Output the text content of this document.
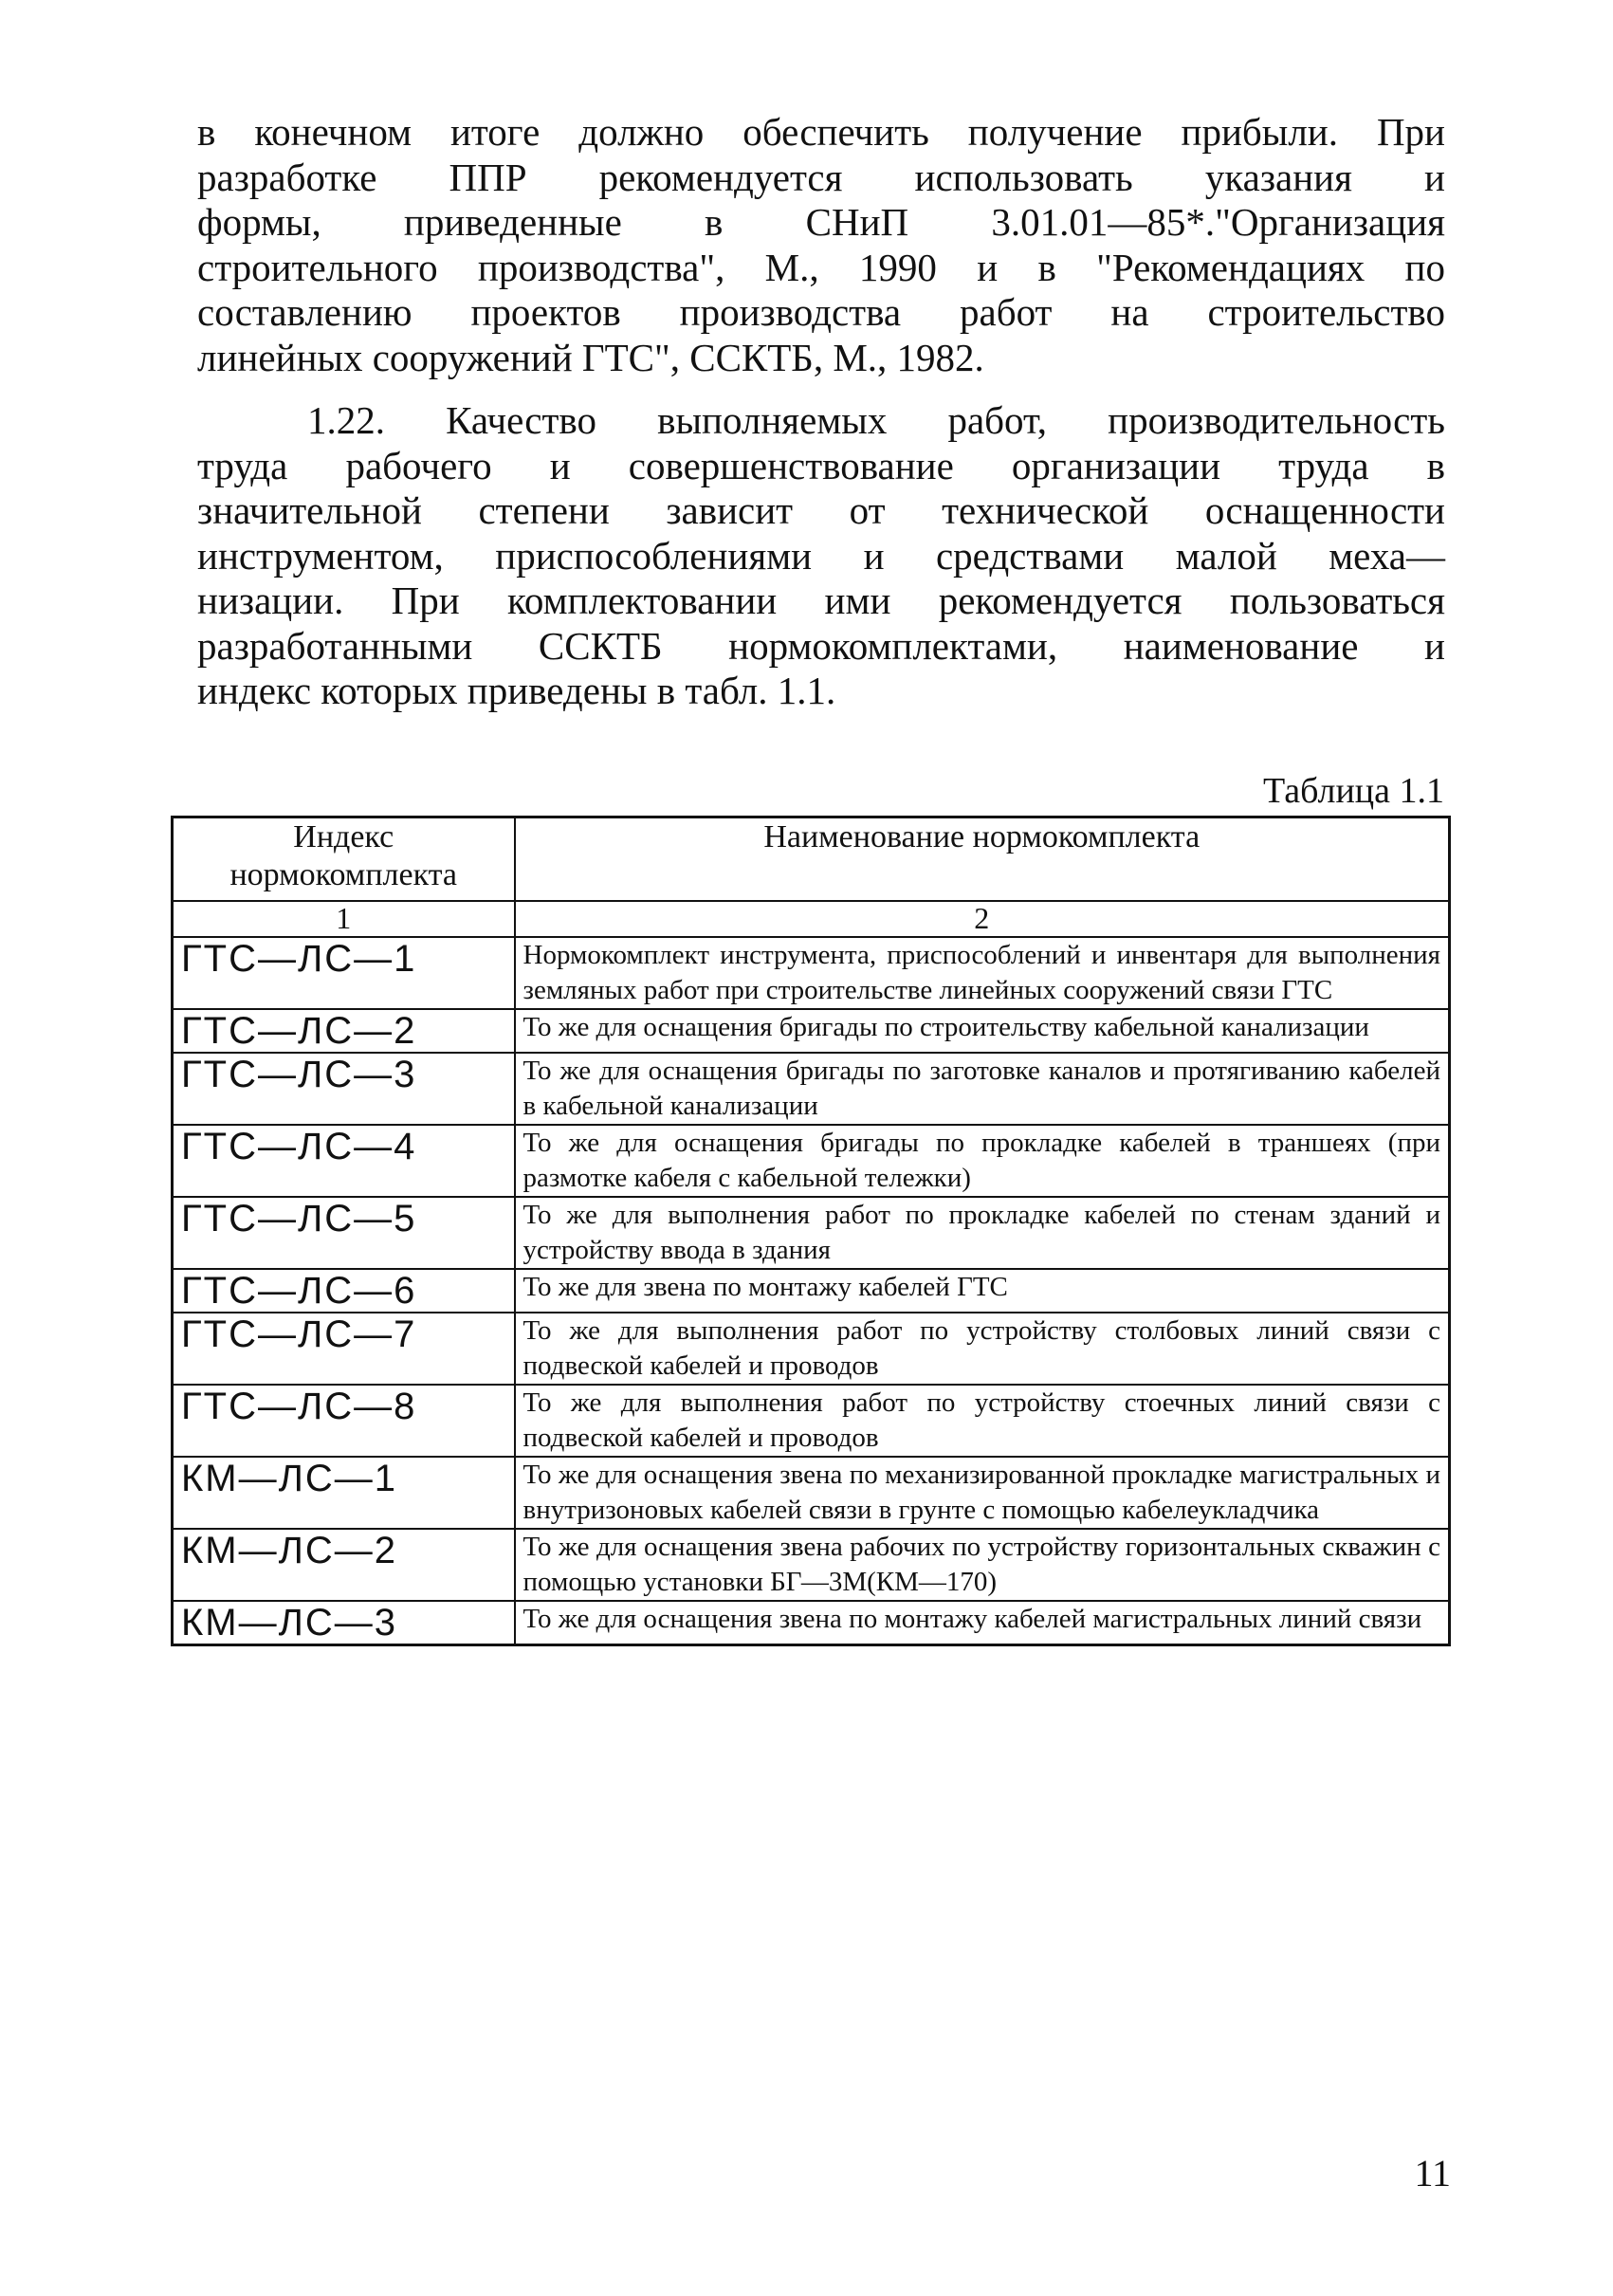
в конечном итоге должно обеспечить получение прибыли. При
разработке ППР рекомендуется использовать указания и
формы, приведенные в СНиП 3.01.01—85*."Организация
строительного производства", М., 1990 и в "Рекомендациях по
составлению проектов производства работ на строительство
линейных сооружений ГТС", ССКТБ, М., 1982.

1.22. Качество выполняемых работ, производительность
труда рабочего и совершенствование организации труда в
значительной степени зависит от технической оснащенности
инструментом, приспособлениями и средствами малой меха—
низации. При комплектовании ими рекомендуется пользоваться
разработанными ССКТБ нормокомплектами, наименование и
индекс которых приведены в табл. 1.1.

Таблица 1.1
Индекс нормокомплекта	Наименование нормокомплекта
1	2
ГТС—ЛС—1	Нормокомплект инструмента, приспособлений и инвентаря для выполнения земляных работ при строительстве линейных сооружений связи ГТС
ГТС—ЛС—2	То же для оснащения бригады по строительству кабельной канализации
ГТС—ЛС—3	То же для оснащения бригады по заготовке каналов и протягиванию кабелей в кабельной канализации
ГТС—ЛС—4	То же для оснащения бригады по прокладке кабелей в траншеях (при размотке кабеля с кабельной тележки)
ГТС—ЛС—5	То же для выполнения работ по прокладке кабелей по стенам зданий и устройству ввода в здания
ГТС—ЛС—6	То же для звена по монтажу кабелей ГТС
ГТС—ЛС—7	То же для выполнения работ по устройству столбовых линий связи с подвеской кабелей и проводов
ГТС—ЛС—8	То же для выполнения работ по устройству стоечных линий связи с подвеской кабелей и проводов
КМ—ЛС—1	То же для оснащения звена по механизированной прокладке магистральных и внутризоновых кабелей связи в грунте с помощью кабелеукладчика
КМ—ЛС—2	То же для оснащения звена рабочих по устройству горизонтальных скважин с помощью установки БГ—3М(КМ—170)
КМ—ЛС—3	То же для оснащения звена по монтажу кабелей магистральных линий связи
11
